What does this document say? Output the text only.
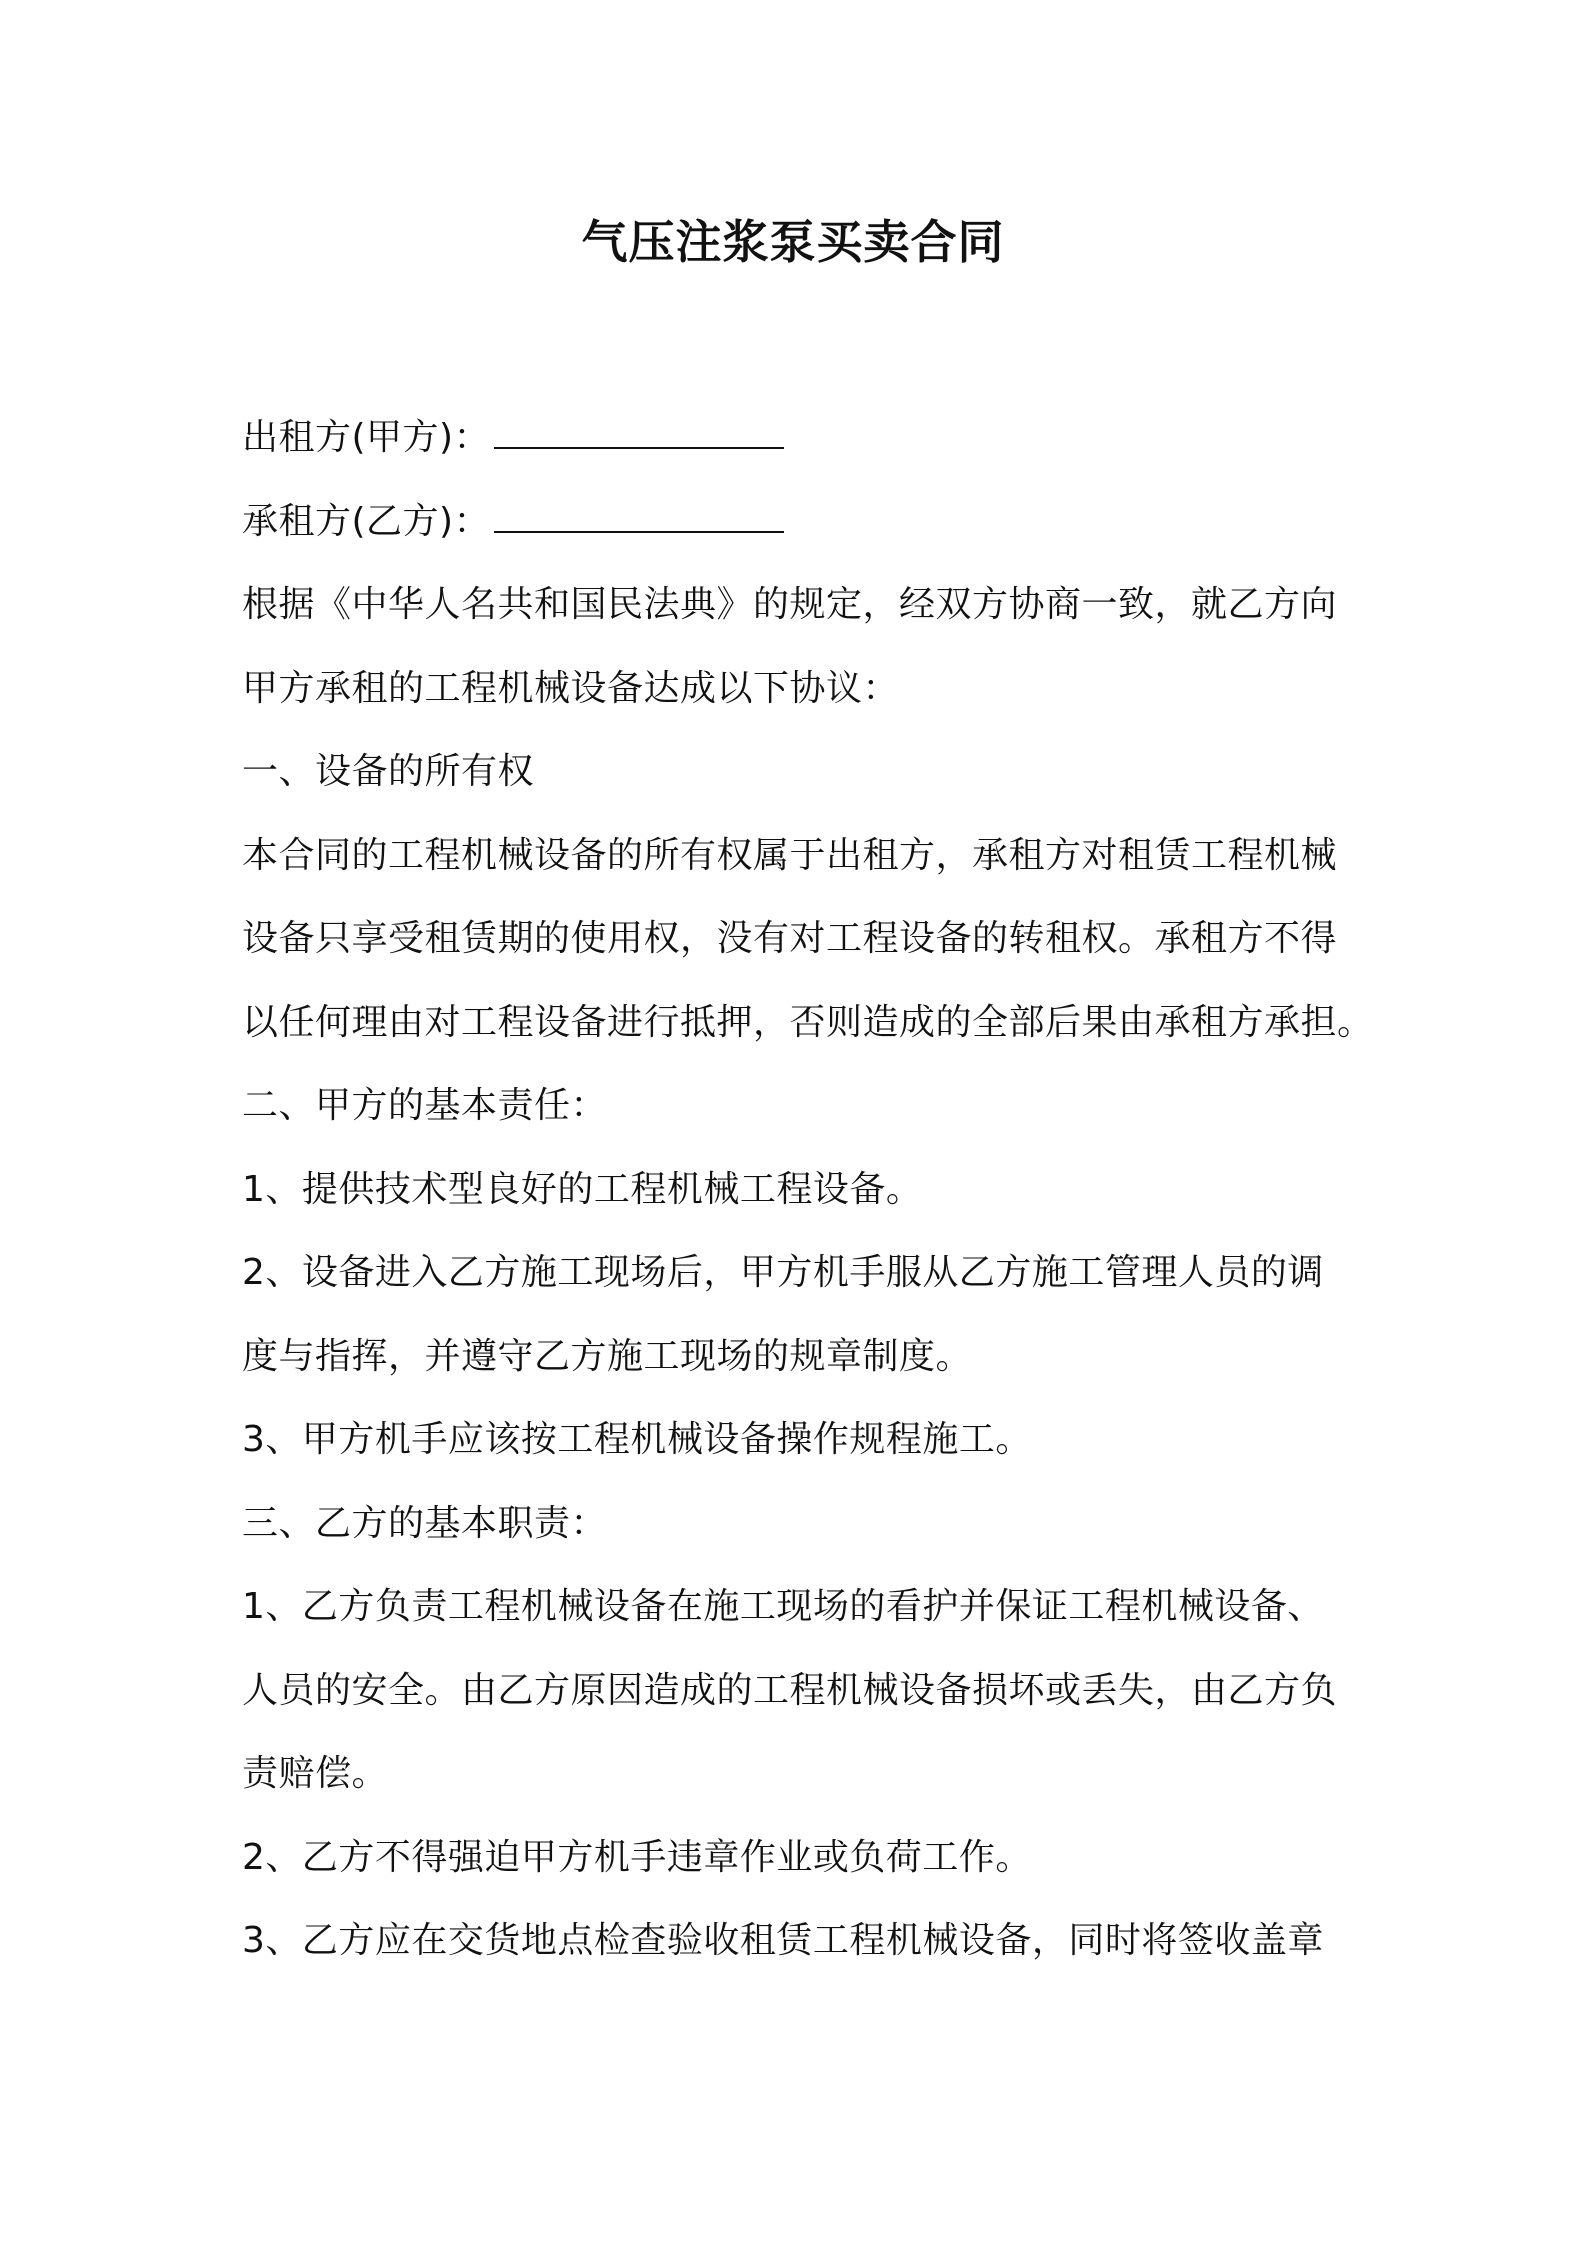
气压注浆泵买卖合同
出租方(甲方)：
承租方(乙方)：
根据《中华人名共和国民法典》的规定，经双方协商一致，就乙方向
甲方承租的工程机械设备达成以下协议：
一、设备的所有权
本合同的工程机械设备的所有权属于出租方，承租方对租赁工程机械
设备只享受租赁期的使用权，没有对工程设备的转租权。承租方不得
以任何理由对工程设备进行抵押，否则造成的全部后果由承租方承担。
二、甲方的基本责任：
1、提供技术型良好的工程机械工程设备。
2、设备进入乙方施工现场后，甲方机手服从乙方施工管理人员的调
度与指挥，并遵守乙方施工现场的规章制度。
3、甲方机手应该按工程机械设备操作规程施工。
三、乙方的基本职责：
1、乙方负责工程机械设备在施工现场的看护并保证工程机械设备、
人员的安全。由乙方原因造成的工程机械设备损坏或丢失，由乙方负
责赔偿。
2、乙方不得强迫甲方机手违章作业或负荷工作。
3、乙方应在交货地点检查验收租赁工程机械设备，同时将签收盖章
